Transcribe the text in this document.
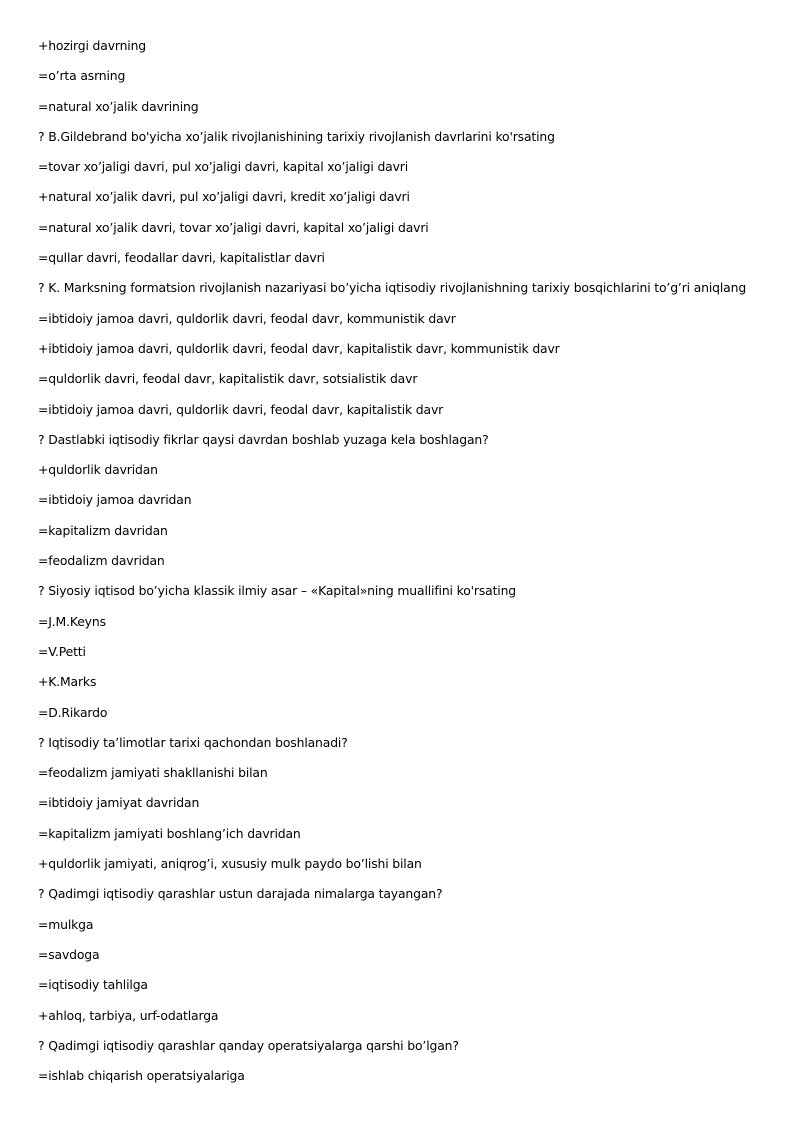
+hozirgi davrning
=o’rta asrning
=natural xo’jalik davrining
? B.Gildebrand bo'yicha xo’jalik rivojlanishining tarixiy rivojlanish davrlarini ko'rsating
=tovar xo’jaligi davri, pul xo’jaligi davri, kapital xo’jaligi davri
+natural xo’jalik davri, pul xo’jaligi davri, kredit xo’jaligi davri
=natural xo’jalik davri, tovar xo’jaligi davri, kapital xo’jaligi davri
=qullar davri, feodallar davri, kapitalistlar davri
? K. Marksning formatsion rivojlanish nazariyasi bo’yicha iqtisodiy rivojlanishning tarixiy bosqichlarini to’g’ri aniqlang
=ibtidoiy jamoa davri, quldorlik davri, feodal davr, kommunistik davr
+ibtidoiy jamoa davri, quldorlik davri, feodal davr, kapitalistik davr, kommunistik davr
=quldorlik davri, feodal davr, kapitalistik davr, sotsialistik davr
=ibtidoiy jamoa davri, quldorlik davri, feodal davr, kapitalistik davr
? Dastlabki iqtisodiy fikrlar qaysi davrdan boshlab yuzaga kela boshlagan?
+quldorlik davridan
=ibtidoiy jamoa davridan
=kapitalizm davridan
=feodalizm davridan
? Siyosiy iqtisod bo’yicha klassik ilmiy asar – «Kapital»ning muallifini ko'rsating
=J.M.Keyns
=V.Petti
+K.Marks
=D.Rikardo
? Iqtisodiy ta’limotlar tarixi qachondan boshlanadi?
=feodalizm jamiyati shakllanishi bilan
=ibtidoiy jamiyat davridan
=kapitalizm jamiyati boshlang’ich davridan
+quldorlik jamiyati, aniqrog’i, xususiy mulk paydo bo’lishi bilan
? Qadimgi iqtisodiy qarashlar ustun darajada nimalarga tayangan?
=mulkga
=savdoga
=iqtisodiy tahlilga
+ahloq, tarbiya, urf-odatlarga
? Qadimgi iqtisodiy qarashlar qanday operatsiyalarga qarshi bo’lgan?
=ishlab chiqarish operatsiyalariga
